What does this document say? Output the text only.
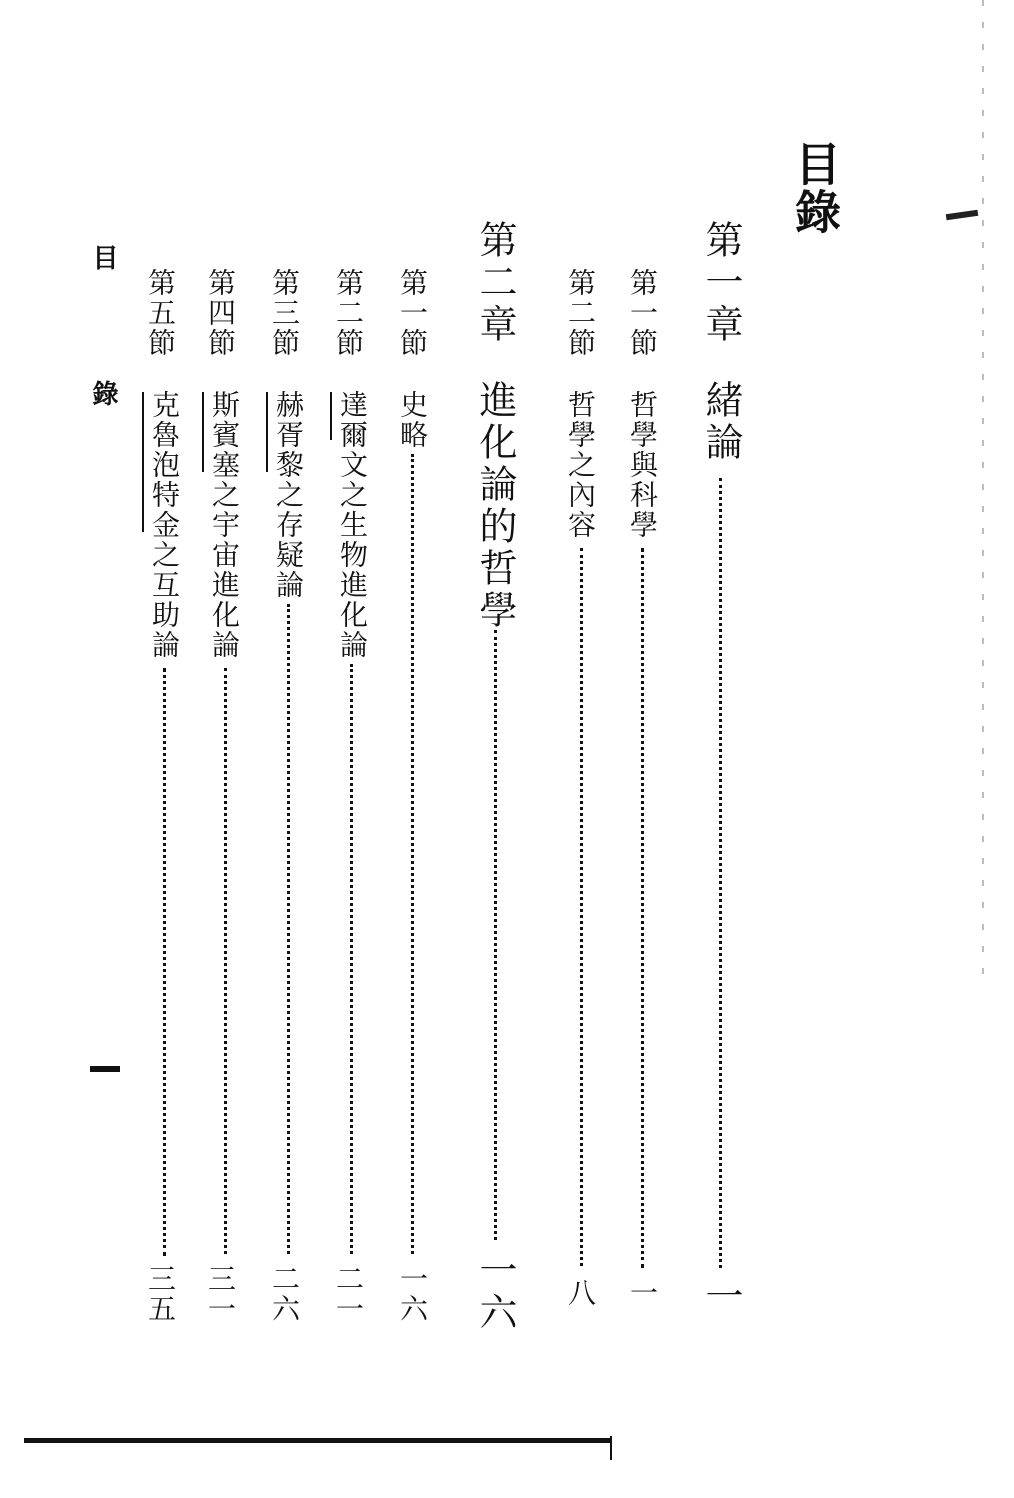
目錄
第一章
緒論
一
第一節
哲學與科學
一
第二節
哲學之內容
八
第二章
進化論的哲學
一六
第一節
史略
一六
第二節
達爾文之生物進化論
二一
第三節
赫胥黎之存疑論
二六
第四節
斯賓塞之宇宙進化論
三一
第五節
克魯泡特金之互助論
三五
目 錄
